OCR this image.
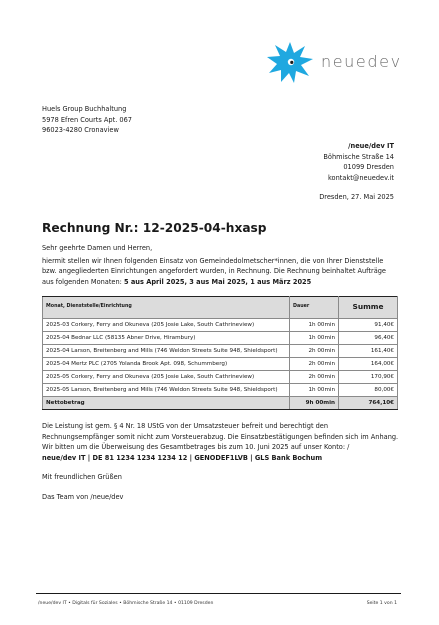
neuedev
Huels Group Buchhaltung
5978 Efren Courts Apt. 067
96023-4280 Cronaview
/neue/dev IT
Böhmische Straße 14
01099 Dresden
kontakt@neuedev.it
Dresden, 27. Mai 2025
Rechnung Nr.: 12-2025-04-hxasp

Sehr geehrte Damen und Herren,

hiermit stellen wir Ihnen folgenden Einsatz von Gemeindedolmetscher*innen, die von Ihrer Dienststelle bzw. angegliederten Einrichtungen angefordert wurden, in Rechnung. Die Rechnung beinhaltet Aufträge aus folgenden Monaten: 5 aus April 2025, 3 aus Mai 2025, 1 aus März 2025

Monat, Dienststelle/Einrichtung	Dauer	Summe
2025-03 Corkery, Ferry and Okuneva (205 Josie Lake, South Cathrineview)	1h 00min	91,40€
2025-04 Bednar LLC (58135 Abner Drive, Hirambury)	1h 00min	96,40€
2025-04 Larson, Breitenberg and Mills (746 Weldon Streets Suite 948, Shieldsport)	2h 00min	161,40€
2025-04 Mertz PLC (2705 Yolanda Brook Apt. 098, Schummberg)	2h 00min	164,00€
2025-05 Corkery, Ferry and Okuneva (205 Josie Lake, South Cathrineview)	2h 00min	170,90€
2025-05 Larson, Breitenberg and Mills (746 Weldon Streets Suite 948, Shieldsport)	1h 00min	80,00€
Nettobetrag	9h 00min	764,10€

Die Leistung ist gem. § 4 Nr. 18 UStG von der Umsatzsteuer befreit und berechtigt den Rechnungsempfänger somit nicht zum Vorsteuerabzug. Die Einsatzbestätigungen befinden sich im Anhang. Wir bitten um die Überweisung des Gesamtbetrages bis zum 10. Juni 2025 auf unser Konto: /

neue/dev IT | DE 81 1234 1234 1234 12 | GENODEF1LVB | GLS Bank Bochum

Mit freundlichen Grüßen

Das Team von /neue/dev

/neue/dev IT • Digitals für Soziales • Böhmische Straße 14 • 01109 Dresden	Seite 1 von 1
